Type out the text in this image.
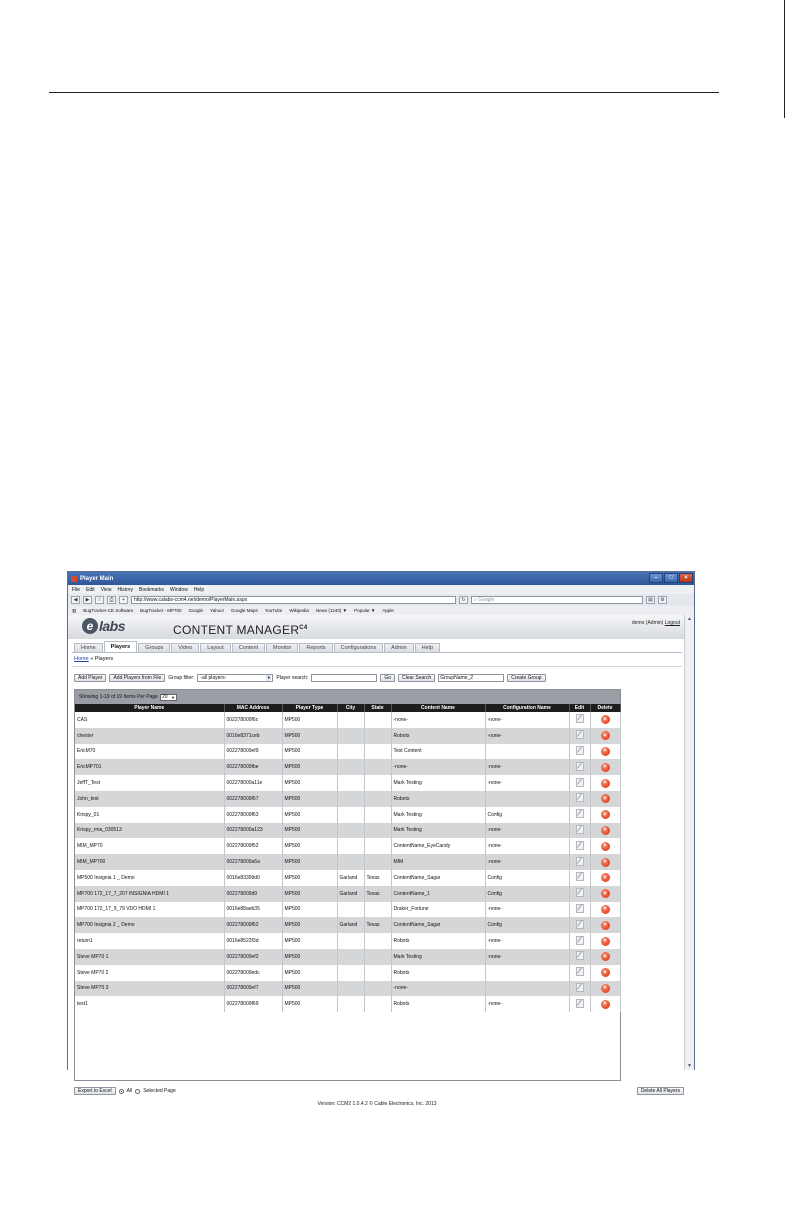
Player Main	–	□	×
File Edit View History Bookmarks Window Help
◀	▶	☆	⎙	+	http://www.calabs-ccm4.net/demo/PlayerMain.aspx	↻	⌕ Google	▤	⚙
▥ BugTracker-CE Software BugTracker - MP700 Google Yahoo! Google Maps YouTube Wikipedia News (1240) ▼ Popular ▼ Apple
e labs	CONTENT $MANAGER^{C4}$
demo (Admin) Logout
Home	Players	Groups	Video	Layout	Content	Monitor	Reports	Configurations	Admin	Help
Home » Players
Add Player	Add Players from File	Group filter: -all players-	▼ Player search:	Go	Clear Search	GroupName_2	Create Group
Showing 1-19 of 19 Items Per Page 20 ▼
Player Name	MAC Address	Player Type	City	State	Content Name	Configuration Name	Edit	Delete
CAS	002278009f6c	MP500			-none-	-none-		×
chester	0016e8371ceb	MP500			Robots	-none-		×
EricM70	002278009ef9	MP500			Test Content			×
EricMP701	002278009fbe	MP500			-none-	-none-		×
JeffT_Test	002278000a11e	MP500			Mark Testing	-none-		×
John_test	002278009f67	MP500			Robots			×
Krispy_01	002278009f63	MP500			Mark Testing	Config		×
Krispy_rma_030513	002278000a123	MP500			Mark Testing	-none-		×
MIM_MP70	002278009f52	MP500			ContentName_EyeCandy	-none-		×
MIM_MP700	002278009a5a	MP500			MIM	-none-		×
MP500 Insignia 1 _ Demo	0016e83399d0	MP500	Garland	Texas	ContentName_Sagar	Config		×
MP700 172_17_7_207 INSIGNIA HDMI 1	002278009d9	MP500	Garland	Texas	ContentName_1	Config		×
MP700 172_17_9_79 VDO HDMI 1	0016e88aeb35	MP500			Draker_Fortune	-none-		×
MP700 Insignia 2 _ Demo	002278009f62	MP500	Garland	Texas	ContentName_Sagar	Config		×
return1	0016e8522f3d	MP500			Robots	-none-		×
Steve MP70 1	002278009ef2	MP500			Mark Testing	-none-		×
Steve MP70 2	002278009edc	MP500			Robots			×
Steve MP70 3	002278009ef7	MP500			-none-			×
test1	002278009f69	MP500			Robots	-none-		×
Export to Excel	All Selected Page	Delete All Players
Version: CCM2 1.0.4.2 © Cable Electronics, Inc. 2013
▲
▼
